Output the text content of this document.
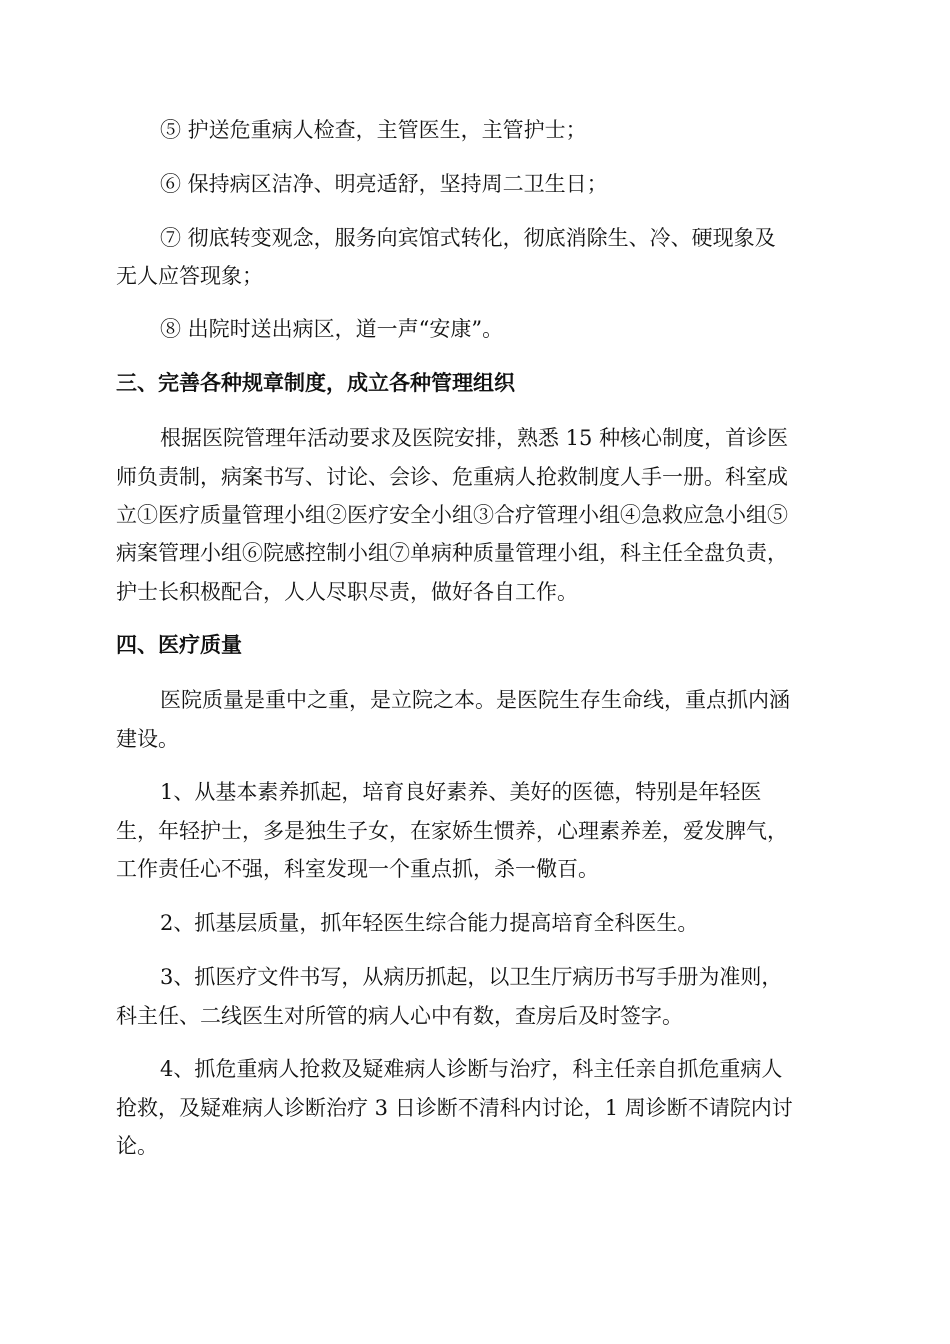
⑤ 护送危重病人检查，主管医生，主管护士；
⑥ 保持病区洁净、明亮适舒，坚持周二卫生日；
⑦ 彻底转变观念，服务向宾馆式转化，彻底消除生、冷、硬现象及
无人应答现象；
⑧ 出院时送出病区，道一声“安康”。
三、完善各种规章制度，成立各种管理组织
根据医院管理年活动要求及医院安排，熟悉 15 种核心制度，首诊医
师负责制，病案书写、讨论、会诊、危重病人抢救制度人手一册。科室成
立①医疗质量管理小组②医疗安全小组③合疗管理小组④急救应急小组⑤
病案管理小组⑥院感控制小组⑦单病种质量管理小组，科主任全盘负责，
护士长积极配合，人人尽职尽责，做好各自工作。
四、医疗质量
医院质量是重中之重，是立院之本。是医院生存生命线，重点抓内涵
建设。
1、从基本素养抓起，培育良好素养、美好的医德，特别是年轻医
生，年轻护士，多是独生子女，在家娇生惯养，心理素养差，爱发脾气，
工作责任心不强，科室发现一个重点抓，杀一儆百。
2、抓基层质量，抓年轻医生综合能力提高培育全科医生。
3、抓医疗文件书写，从病历抓起，以卫生厅病历书写手册为准则，
科主任、二线医生对所管的病人心中有数，查房后及时签字。
4、抓危重病人抢救及疑难病人诊断与治疗，科主任亲自抓危重病人
抢救，及疑难病人诊断治疗 3 日诊断不清科内讨论，1 周诊断不请院内讨
论。
